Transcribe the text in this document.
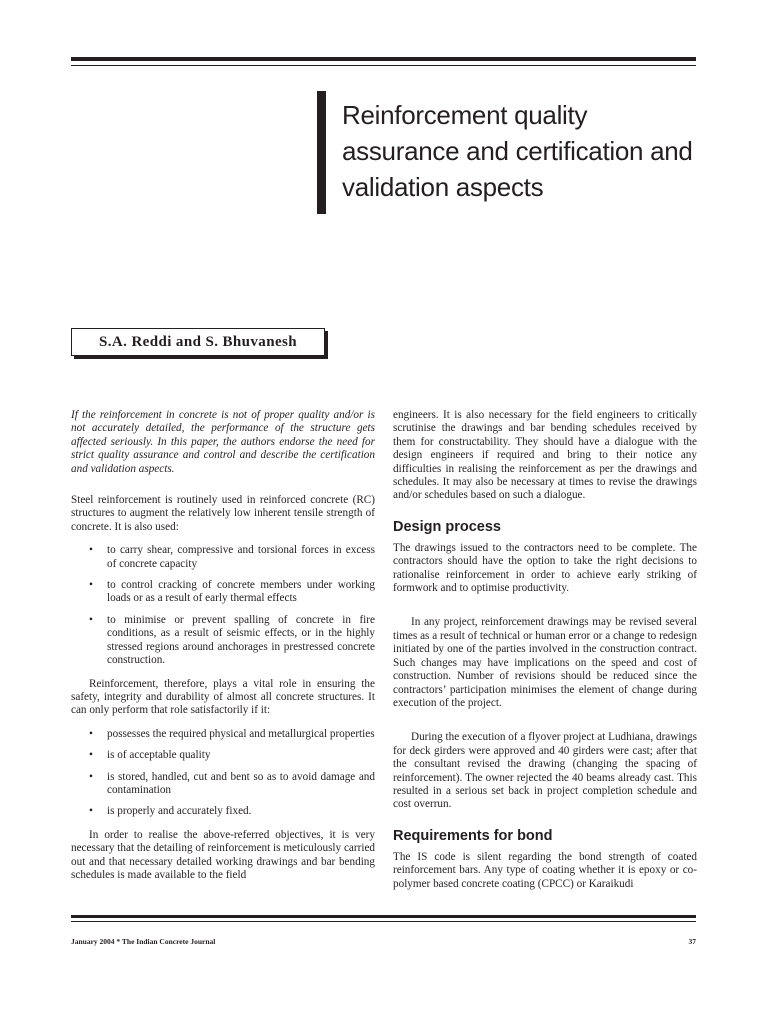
Reinforcement quality assurance and certification and validation aspects
S.A. Reddi and S. Bhuvanesh

If the reinforcement in concrete is not of proper quality and/or is not accurately detailed, the performance of the structure gets affected seriously. In this paper, the authors endorse the need for strict quality assurance and control and describe the certification and validation aspects.

Steel reinforcement is routinely used in reinforced concrete (RC) structures to augment the relatively low inherent tensile strength of concrete. It is also used:

• to carry shear, compressive and torsional forces in excess of concrete capacity
• to control cracking of concrete members under working loads or as a result of early thermal effects
• to minimise or prevent spalling of concrete in fire conditions, as a result of seismic effects, or in the highly stressed regions around anchorages in prestressed concrete construction.

Reinforcement, therefore, plays a vital role in ensuring the safety, integrity and durability of almost all concrete structures. It can only perform that role satisfactorily if it:

• possesses the required physical and metallurgical properties
• is of acceptable quality
• is stored, handled, cut and bent so as to avoid damage and contamination
• is properly and accurately fixed.

In order to realise the above-referred objectives, it is very necessary that the detailing of reinforcement is meticulously carried out and that necessary detailed working drawings and bar bending schedules is made available to the field

engineers. It is also necessary for the field engineers to critically scrutinise the drawings and bar bending schedules received by them for constructability. They should have a dialogue with the design engineers if required and bring to their notice any difficulties in realising the reinforcement as per the drawings and schedules. It may also be necessary at times to revise the drawings and/or schedules based on such a dialogue.

Design process

The drawings issued to the contractors need to be complete. The contractors should have the option to take the right decisions to rationalise reinforcement in order to achieve early striking of formwork and to optimise productivity.

In any project, reinforcement drawings may be revised several times as a result of technical or human error or a change to redesign initiated by one of the parties involved in the construction contract. Such changes may have implications on the speed and cost of construction. Number of revisions should be reduced since the contractors’ participation minimises the element of change during execution of the project.

During the execution of a flyover project at Ludhiana, drawings for deck girders were approved and 40 girders were cast; after that the consultant revised the drawing (changing the spacing of reinforcement). The owner rejected the 40 beams already cast. This resulted in a serious set back in project completion schedule and cost overrun.

Requirements for bond

The IS code is silent regarding the bond strength of coated reinforcement bars. Any type of coating whether it is epoxy or co-polymer based concrete coating (CPCC) or Karaikudi

January 2004 * The Indian Concrete Journal	37
